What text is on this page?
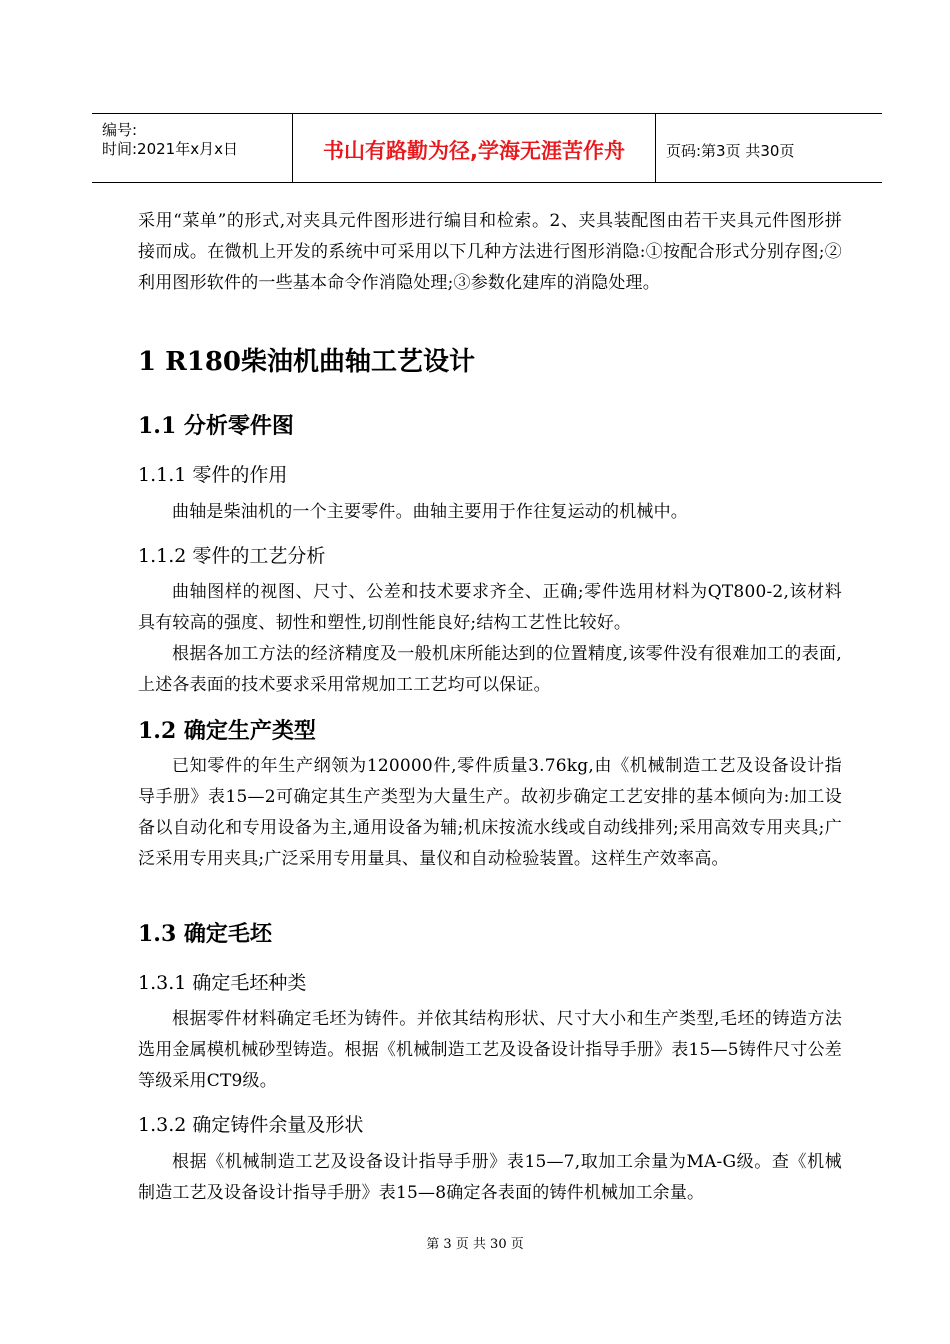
编号:
时间:2021年x月x日	书山有路勤为径,学海无涯苦作舟	页码:第3页 共30页
采用“菜单”的形式,对夹具元件图形进行编目和检索。2、夹具装配图由若干夹具元件图形拼接而成。在微机上开发的系统中可采用以下几种方法进行图形消隐:①按配合形式分别存图;②利用图形软件的一些基本命令作消隐处理;③参数化建库的消隐处理。
1 R180柴油机曲轴工艺设计
1.1 分析零件图
1.1.1 零件的作用
曲轴是柴油机的一个主要零件。曲轴主要用于作往复运动的机械中。
1.1.2 零件的工艺分析
曲轴图样的视图、尺寸、公差和技术要求齐全、正确;零件选用材料为QT800-2,该材料具有较高的强度、韧性和塑性,切削性能良好;结构工艺性比较好。
根据各加工方法的经济精度及一般机床所能达到的位置精度,该零件没有很难加工的表面,上述各表面的技术要求采用常规加工工艺均可以保证。
1.2 确定生产类型
已知零件的年生产纲领为120000件,零件质量3.76kg,由《机械制造工艺及设备设计指导手册》表15—2可确定其生产类型为大量生产。故初步确定工艺安排的基本倾向为:加工设备以自动化和专用设备为主,通用设备为辅;机床按流水线或自动线排列;采用高效专用夹具;广泛采用专用夹具;广泛采用专用量具、量仪和自动检验装置。这样生产效率高。
1.3 确定毛坯
1.3.1 确定毛坯种类
根据零件材料确定毛坯为铸件。并依其结构形状、尺寸大小和生产类型,毛坯的铸造方法选用金属模机械砂型铸造。根据《机械制造工艺及设备设计指导手册》表15—5铸件尺寸公差等级采用CT9级。
1.3.2 确定铸件余量及形状
根据《机械制造工艺及设备设计指导手册》表15—7,取加工余量为MA-G级。查《机械制造工艺及设备设计指导手册》表15—8确定各表面的铸件机械加工余量。
第 3 页 共 30 页
